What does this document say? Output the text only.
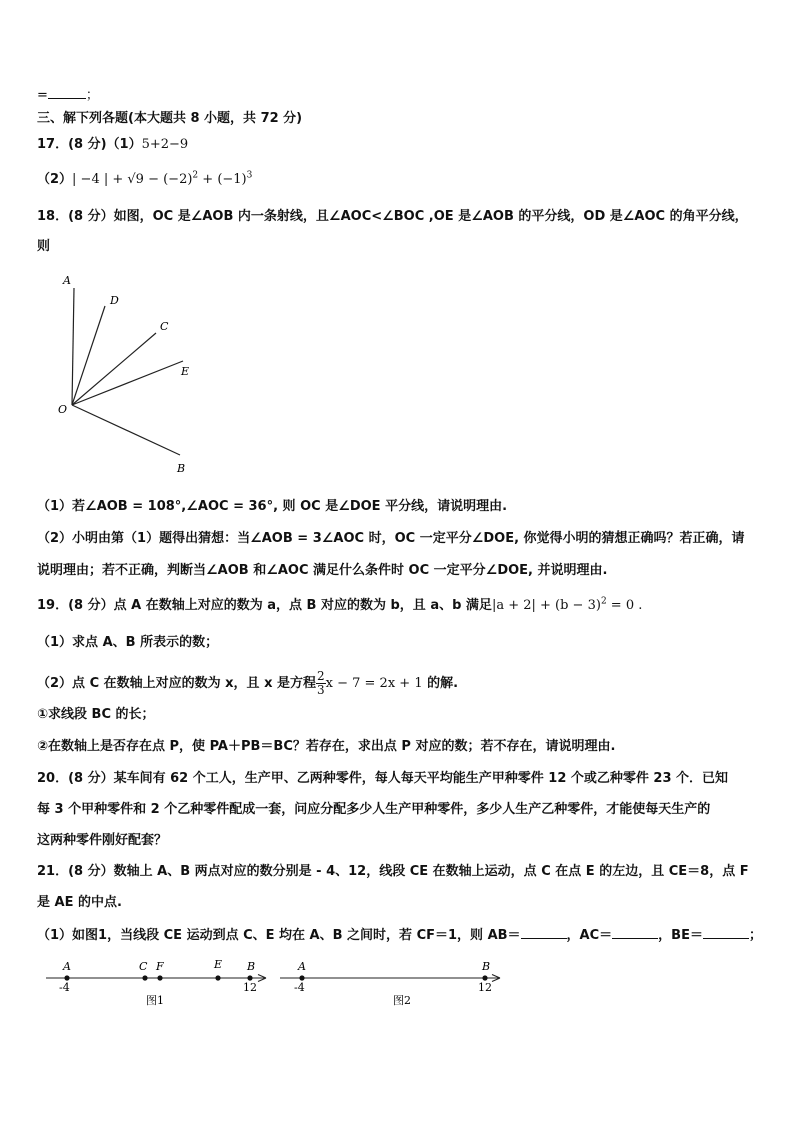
=	；
三、解下列各题(本大题共 8 小题，共 72 分)
17．(8 分)（1）5+2−9
（2）| −4 | + $√9 - (-2)^2 + (-1)^3$
18．(8 分）如图，OC 是∠AOB 内一条射线，且∠AOC<∠BOC ,OE 是∠AOB 的平分线，OD 是∠AOC 的角平分线，
则
A
D
C
E
O
B
（1）若∠AOB = 108°,∠AOC = 36°, 则 OC 是∠DOE 平分线，请说明理由.
（2）小明由第（1）题得出猜想：当∠AOB = 3∠AOC 时，OC 一定平分∠DOE, 你觉得小明的猜想正确吗？若正确，请
说明理由；若不正确，判断当∠AOB 和∠AOC 满足什么条件时 OC 一定平分∠DOE, 并说明理由.
19．(8 分）点 A 在数轴上对应的数为 a，点 B 对应的数为 b，且 a、b 满足$|a + 2| + (b - 3)^2 = 0$ .
（1）求点 A、B 所表示的数；
（2）点 C 在数轴上对应的数为 x，且 x 是方程 $\frac{2}{3}$ x − 7 = 2x + 1 的解.
①求线段 BC 的长；
②在数轴上是否存在点 P，使 PA＋PB＝BC？若存在，求出点 P 对应的数；若不存在，请说明理由.
20．(8 分）某车间有 62 个工人，生产甲、乙两种零件，每人每天平均能生产甲种零件 12 个或乙种零件 23 个．已知
每 3 个甲种零件和 2 个乙种零件配成一套，问应分配多少人生产甲种零件，多少人生产乙种零件，才能使每天生产的
这两种零件刚好配套？
21．(8 分）数轴上 A、B 两点对应的数分别是 - 4、12，线段 CE 在数轴上运动，点 C 在点 E 的左边，且 CE＝8，点 F
是 AE 的中点.
（1）如图1，当线段 CE 运动到点 C、E 均在 A、B 之间时，若 CF＝1，则 AB＝	，AC＝	，BE＝	；
A	C F	E B
-4	12
图1
A	B
-4	12
图2
